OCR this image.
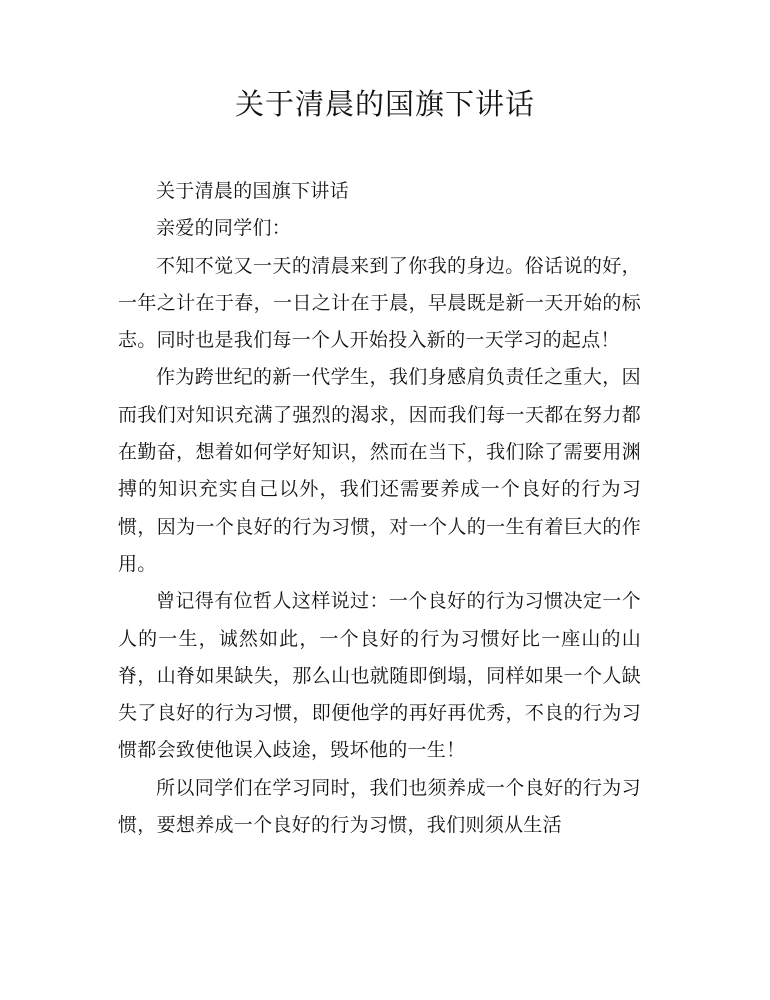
关于清晨的国旗下讲话

关于清晨的国旗下讲话

亲爱的同学们：

不知不觉又一天的清晨来到了你我的身边。俗话说的好，一年之计在于春，一日之计在于晨，早晨既是新一天开始的标志。同时也是我们每一个人开始投入新的一天学习的起点！

作为跨世纪的新一代学生，我们身感肩负责任之重大，因而我们对知识充满了强烈的渴求，因而我们每一天都在努力都在勤奋，想着如何学好知识，然而在当下，我们除了需要用渊搏的知识充实自己以外，我们还需要养成一个良好的行为习惯，因为一个良好的行为习惯，对一个人的一生有着巨大的作用。

曾记得有位哲人这样说过：一个良好的行为习惯决定一个人的一生，诚然如此，一个良好的行为习惯好比一座山的山脊，山脊如果缺失，那么山也就随即倒塌，同样如果一个人缺失了良好的行为习惯，即便他学的再好再优秀，不良的行为习惯都会致使他误入歧途，毁坏他的一生！

所以同学们在学习同时，我们也须养成一个良好的行为习惯，要想养成一个良好的行为习惯，我们则须从生活
